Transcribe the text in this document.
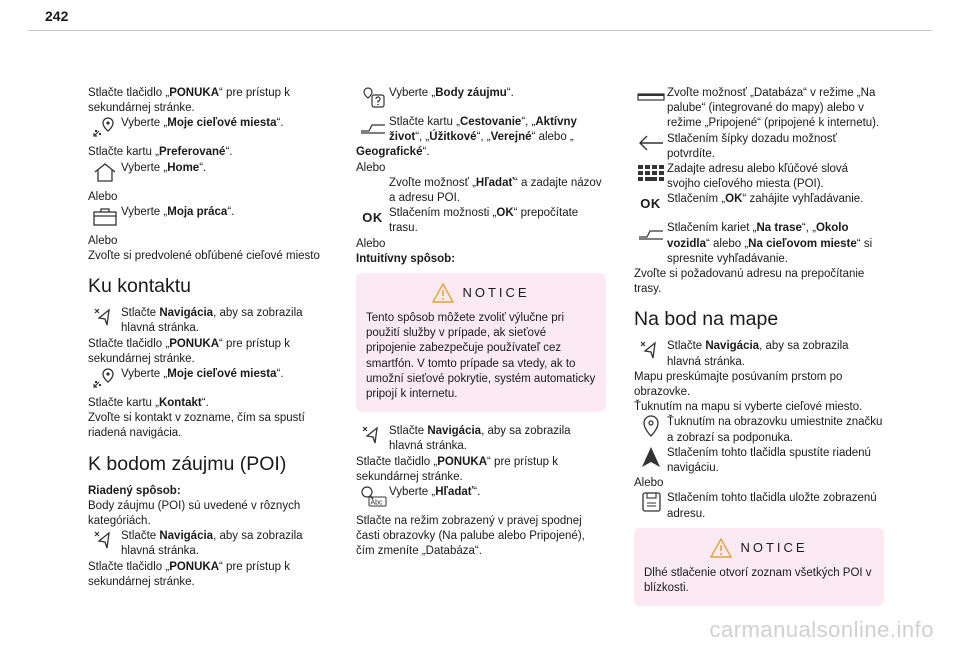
242
Stlačte tlačidlo „PONUKA“ pre prístup k sekundárnej stránke.
Vyberte „Moje cieľové miesta“.
Stlačte kartu „Preferované“.
Vyberte „Home“.
Alebo
Vyberte „Moja práca“.
Alebo
Zvoľte si predvolené obľúbené cieľové miesto
Ku kontaktu
Stlačte Navigácia, aby sa zobrazila hlavná stránka.
Stlačte tlačidlo „PONUKA“ pre prístup k sekundárnej stránke.
Vyberte „Moje cieľové miesta“.
Stlačte kartu „Kontakt“.
Zvoľte si kontakt v zozname, čím sa spustí riadená navigácia.
K bodom záujmu (POI)
Riadený spôsob:
Body záujmu (POI) sú uvedené v rôznych kategóriách.
Stlačte Navigácia, aby sa zobrazila hlavná stránka.
Stlačte tlačidlo „PONUKA“ pre prístup k sekundárnej stránke.
Vyberte „Body záujmu“.
Stlačte kartu „Cestovanie“, „Aktívny život“, „Úžitkové“, „Verejné“ alebo „
Geografické“.
Alebo
Zvoľte možnosť „Hľadať“ a zadajte názov a adresu POI.
OK Stlačením možnosti „OK“ prepočítate trasu.
Alebo
Intuitívny spôsob:
NOTICE
Tento spôsob môžete zvoliť výlučne pri použití služby v prípade, ak sieťové pripojenie zabezpečuje používateľ cez smartfón. V tomto prípade sa vtedy, ak to umožní sieťové pokrytie, systém automaticky pripojí k internetu.
Stlačte Navigácia, aby sa zobrazila hlavná stránka.
Stlačte tlačidlo „PONUKA“ pre prístup k sekundárnej stránke.
Abc
Vyberte „Hľadať“.
Stlačte na režim zobrazený v pravej spodnej časti obrazovky (Na palube alebo Pripojené), čím zmeníte „Databáza“.
Zvoľte možnosť „Databáza“ v režime „Na palube“ (integrované do mapy) alebo v režime „Pripojené“ (pripojené k internetu).
Stlačením šípky dozadu možnosť potvrdíte.
Zadajte adresu alebo kľúčové slová svojho cieľového miesta (POI).
OK Stlačením „OK“ zahájite vyhľadávanie.
Stlačením kariet „Na trase“, „Okolo vozidla“ alebo „Na cieľovom mieste“ si spresnite vyhľadávanie.
Zvoľte si požadovanú adresu na prepočítanie trasy.
Na bod na mape
Stlačte Navigácia, aby sa zobrazila hlavná stránka.
Mapu preskúmajte posúvaním prstom po obrazovke.
Ťuknutím na mapu si vyberte cieľové miesto.
Ťuknutím na obrazovku umiestnite značku a zobrazí sa podponuka.
Stlačením tohto tlačidla spustíte riadenú navigáciu.
Alebo
Stlačením tohto tlačidla uložte zobrazenú adresu.
NOTICE
Dlhé stlačenie otvorí zoznam všetkých POI v blízkosti.
carmanualsonline.info
